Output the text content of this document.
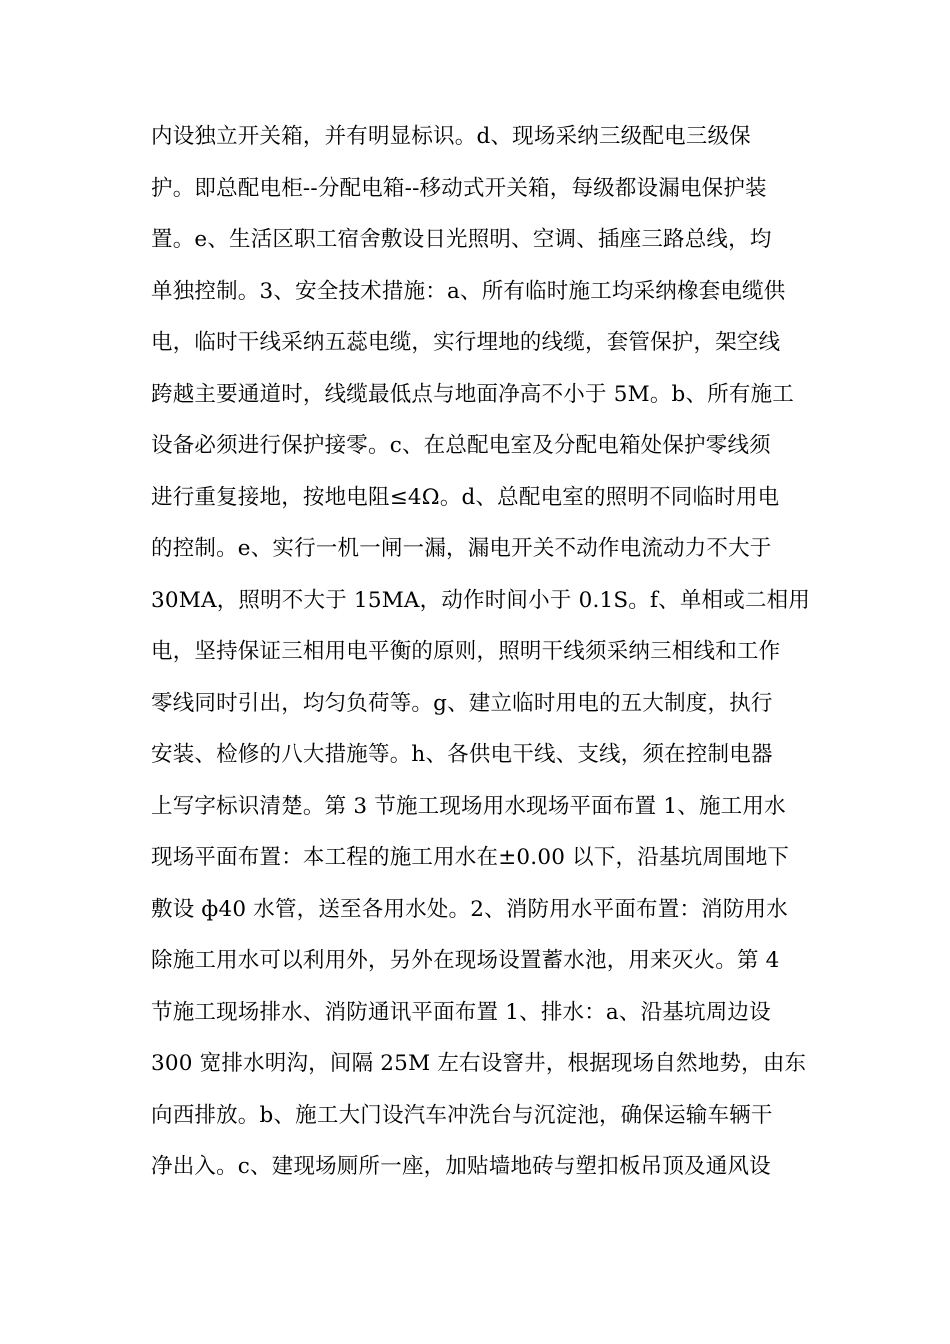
内设独立开关箱，并有明显标识。d、现场采纳三级配电三级保
护。即总配电柜--分配电箱--移动式开关箱，每级都设漏电保护装
置。e、生活区职工宿舍敷设日光照明、空调、插座三路总线，均
单独控制。3、安全技术措施：a、所有临时施工均采纳橡套电缆供
电，临时干线采纳五蕊电缆，实行埋地的线缆，套管保护，架空线
跨越主要通道时，线缆最低点与地面净高不小于 5M。b、所有施工
设备必须进行保护接零。c、在总配电室及分配电箱处保护零线须
进行重复接地，按地电阻≤4Ω。d、总配电室的照明不同临时用电
的控制。e、实行一机一闸一漏，漏电开关不动作电流动力不大于
30MA，照明不大于 15MA，动作时间小于 0.1S。f、单相或二相用
电，坚持保证三相用电平衡的原则，照明干线须采纳三相线和工作
零线同时引出，均匀负荷等。g、建立临时用电的五大制度，执行
安装、检修的八大措施等。h、各供电干线、支线，须在控制电器
上写字标识清楚。第 3 节施工现场用水现场平面布置 1、施工用水
现场平面布置：本工程的施工用水在±0.00 以下，沿基坑周围地下
敷设 ф40 水管，送至各用水处。2、消防用水平面布置：消防用水
除施工用水可以利用外，另外在现场设置蓄水池，用来灭火。第 4
节施工现场排水、消防通讯平面布置 1、排水：a、沿基坑周边设
300 宽排水明沟，间隔 25M 左右设窨井，根据现场自然地势，由东
向西排放。b、施工大门设汽车冲洗台与沉淀池，确保运输车辆干
净出入。c、建现场厕所一座，加贴墙地砖与塑扣板吊顶及通风设
